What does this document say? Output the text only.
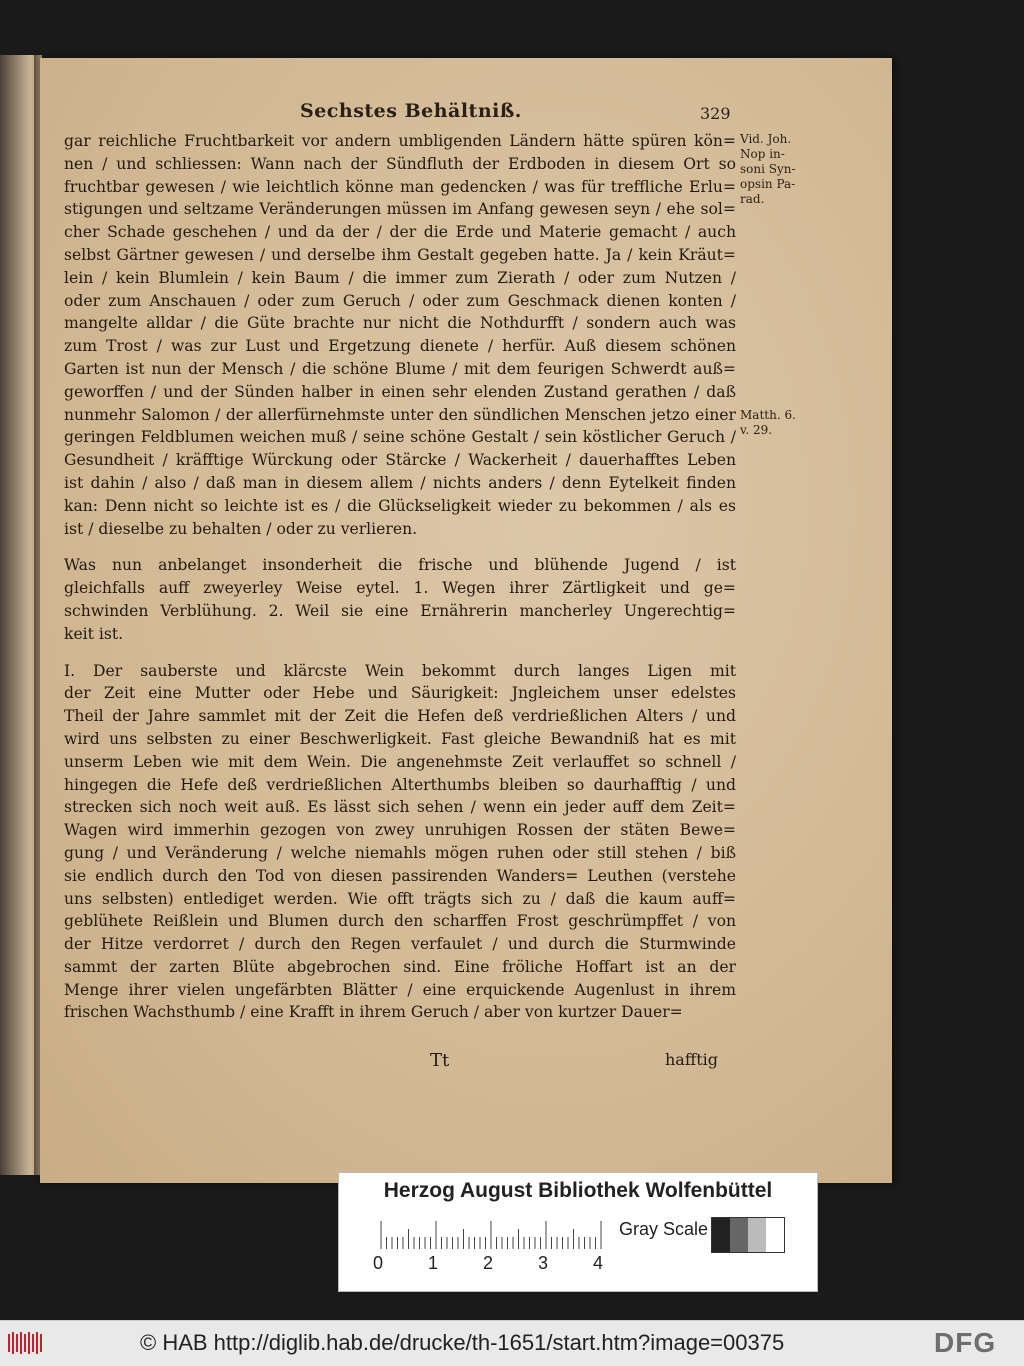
Sechstes Behältniß.	329
gar reichliche Fruchtbarkeit vor andern umbligenden Ländern hätte spüren kön=
nen / und schliessen: Wann nach der Sündfluth der Erdboden in diesem Ort so
fruchtbar gewesen / wie leichtlich könne man gedencken / was für treffliche Erlu=
stigungen und seltzame Veränderungen müssen im Anfang gewesen seyn / ehe sol=
cher Schade geschehen / und da der / der die Erde und Materie gemacht / auch
selbst Gärtner gewesen / und derselbe ihm Gestalt gegeben hatte. Ja / kein Kräut=
lein / kein Blumlein / kein Baum / die immer zum Zierath / oder zum Nutzen /
oder zum Anschauen / oder zum Geruch / oder zum Geschmack dienen konten /
mangelte alldar / die Güte brachte nur nicht die Nothdurfft / sondern auch was
zum Trost / was zur Lust und Ergetzung dienete / herfür. Auß diesem schönen
Garten ist nun der Mensch / die schöne Blume / mit dem feurigen Schwerdt auß=
geworffen / und der Sünden halber in einen sehr elenden Zustand gerathen / daß
nunmehr Salomon / der allerfürnehmste unter den sündlichen Menschen jetzo einer
geringen Feldblumen weichen muß / seine schöne Gestalt / sein köstlicher Geruch /
Gesundheit / kräfftige Würckung oder Stärcke / Wackerheit / dauerhafftes Leben
ist dahin / also / daß man in diesem allem / nichts anders / denn Eytelkeit finden
kan: Denn nicht so leichte ist es / die Glückseligkeit wieder zu bekommen / als es
ist / dieselbe zu behalten / oder zu verlieren.
Was nun anbelanget insonderheit die frische und blühende Jugend / ist
gleichfalls auff zweyerley Weise eytel. 1. Wegen ihrer Zärtligkeit und ge=
schwinden Verblühung. 2. Weil sie eine Ernährerin mancherley Ungerechtig=
keit ist.
I. Der sauberste und klärcste Wein bekommt durch langes Ligen mit
der Zeit eine Mutter oder Hebe und Säurigkeit: Jngleichem unser edelstes
Theil der Jahre sammlet mit der Zeit die Hefen deß verdrießlichen Alters / und
wird uns selbsten zu einer Beschwerligkeit. Fast gleiche Bewandniß hat es mit
unserm Leben wie mit dem Wein. Die angenehmste Zeit verlauffet so schnell /
hingegen die Hefe deß verdrießlichen Alterthumbs bleiben so daurhafftig / und
strecken sich noch weit auß. Es lässt sich sehen / wenn ein jeder auff dem Zeit=
Wagen wird immerhin gezogen von zwey unruhigen Rossen der stäten Bewe=
gung / und Veränderung / welche niemahls mögen ruhen oder still stehen / biß
sie endlich durch den Tod von diesen passirenden Wanders= Leuthen (verstehe
uns selbsten) entlediget werden. Wie offt trägts sich zu / daß die kaum auff=
geblühete Reißlein und Blumen durch den scharffen Frost geschrümpffet / von
der Hitze verdorret / durch den Regen verfaulet / und durch die Sturmwinde
sammt der zarten Blüte abgebrochen sind. Eine fröliche Hoffart ist an der
Menge ihrer vielen ungefärbten Blätter / eine erquickende Augenlust in ihrem
frischen Wachsthumb / eine Krafft in ihrem Geruch / aber von kurtzer Dauer=
Vid. Joh.
Nop in-
soni Syn-
opsin Pa-
rad.
Matth. 6.
v. 29.
Tt	hafftig
Herzog August Bibliothek Wolfenbüttel
0 1 2 3 4
Gray Scale
© HAB http://diglib.hab.de/drucke/th-1651/start.htm?image=00375	DFG
